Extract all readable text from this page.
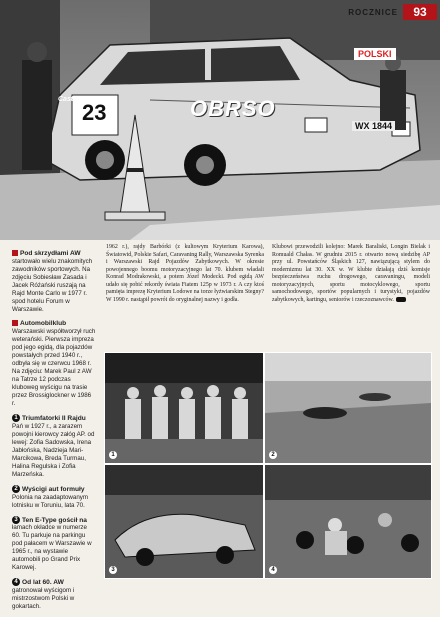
OBRSO
23
WX 1844
Castrol
POLSKI
ROCZNICE	93
Pod skrzydłami AW
startowało wielu znakomitych zawodników sportowych. Na zdjęciu Sobiesław Zasada i Jacek Różański ruszają na Rajd Monte Carlo w 1977 r. spod hotelu Forum w Warszawie.
Automobilklub
Warszawski współtworzył ruch weterański. Pierwsza impreza pod jego egidą, dla pojazdów powstałych przed 1940 r., odbyła się w czerwcu 1968 r. Na zdjęciu: Marek Paul z AW na Tatrze 12 podczas kluboweg wyścigu na trasie przez Brossiglockner w 1986 r.
1 Triumfatorki II Rajdu
Pań w 1927 r., a zarazem powojni kierowcy załóg AP. od lewej: Zofia Sadowska, Irena Jabłońska, Nadzieja Mari-Marcikowa, Breda Turmau, Halina Regulska i Zofia Marzeńska.
2 Wyścigi aut formuły
Polonia na zaadaptowanym lotnisku w Toruniu, lata 70.
3 Ten E-Type gościł na
łamach okładce w numerze 60. Tu parkuje na parkingu pod pałacem w Warszawie w 1965 r., na wystawie automobili po Grand Prix Karowej.
4 Od lat 60. AW
gatronował wyścigom i mistrzostwom Polski w gokartach.
1962 r.), rajdy Barbórki (z kultowym Kryterium Karowa), Światowid, Polskie Safari, Caravaning Rally, Warszawska Syrenka i Warszawski Rajd Pojazdów Zabytkowych. W okresie powojennego boomu motoryzacyjnego lat 70. klubem władali Konrad Modrakowski, a potem Józef Modecki. Pod egidą AW udało się pobić rekordy świata Fiatem 125p w 1973 r. A czy ktoś pamięta imprezę Kryterium Lodowe na torze łyżwiarskim Stegny? W 1990 r. nastąpił powrót do oryginalnej nazwy i godła.
Klubowi przewodzili kolejno: Marek Baraliski, Longin Bielak i Romuald Chałas. W grudniu 2015 r. otwarto nową siedzibę AP przy ul. Powstańców Śląskich 127, nawiązującą stylem do modernizmu lat 30. XX w. W klubie działają dziś komisje bezpieczeństwa ruchu drogowego, caravaningu, modeli motoryzacyjnych, sportu motocyklowego, sportu samochodowego, sportów popularnych i turystyki, pojazdów zabytkowych, kartingu, seniorów i rzeczoznawców.
1	2
3	4
